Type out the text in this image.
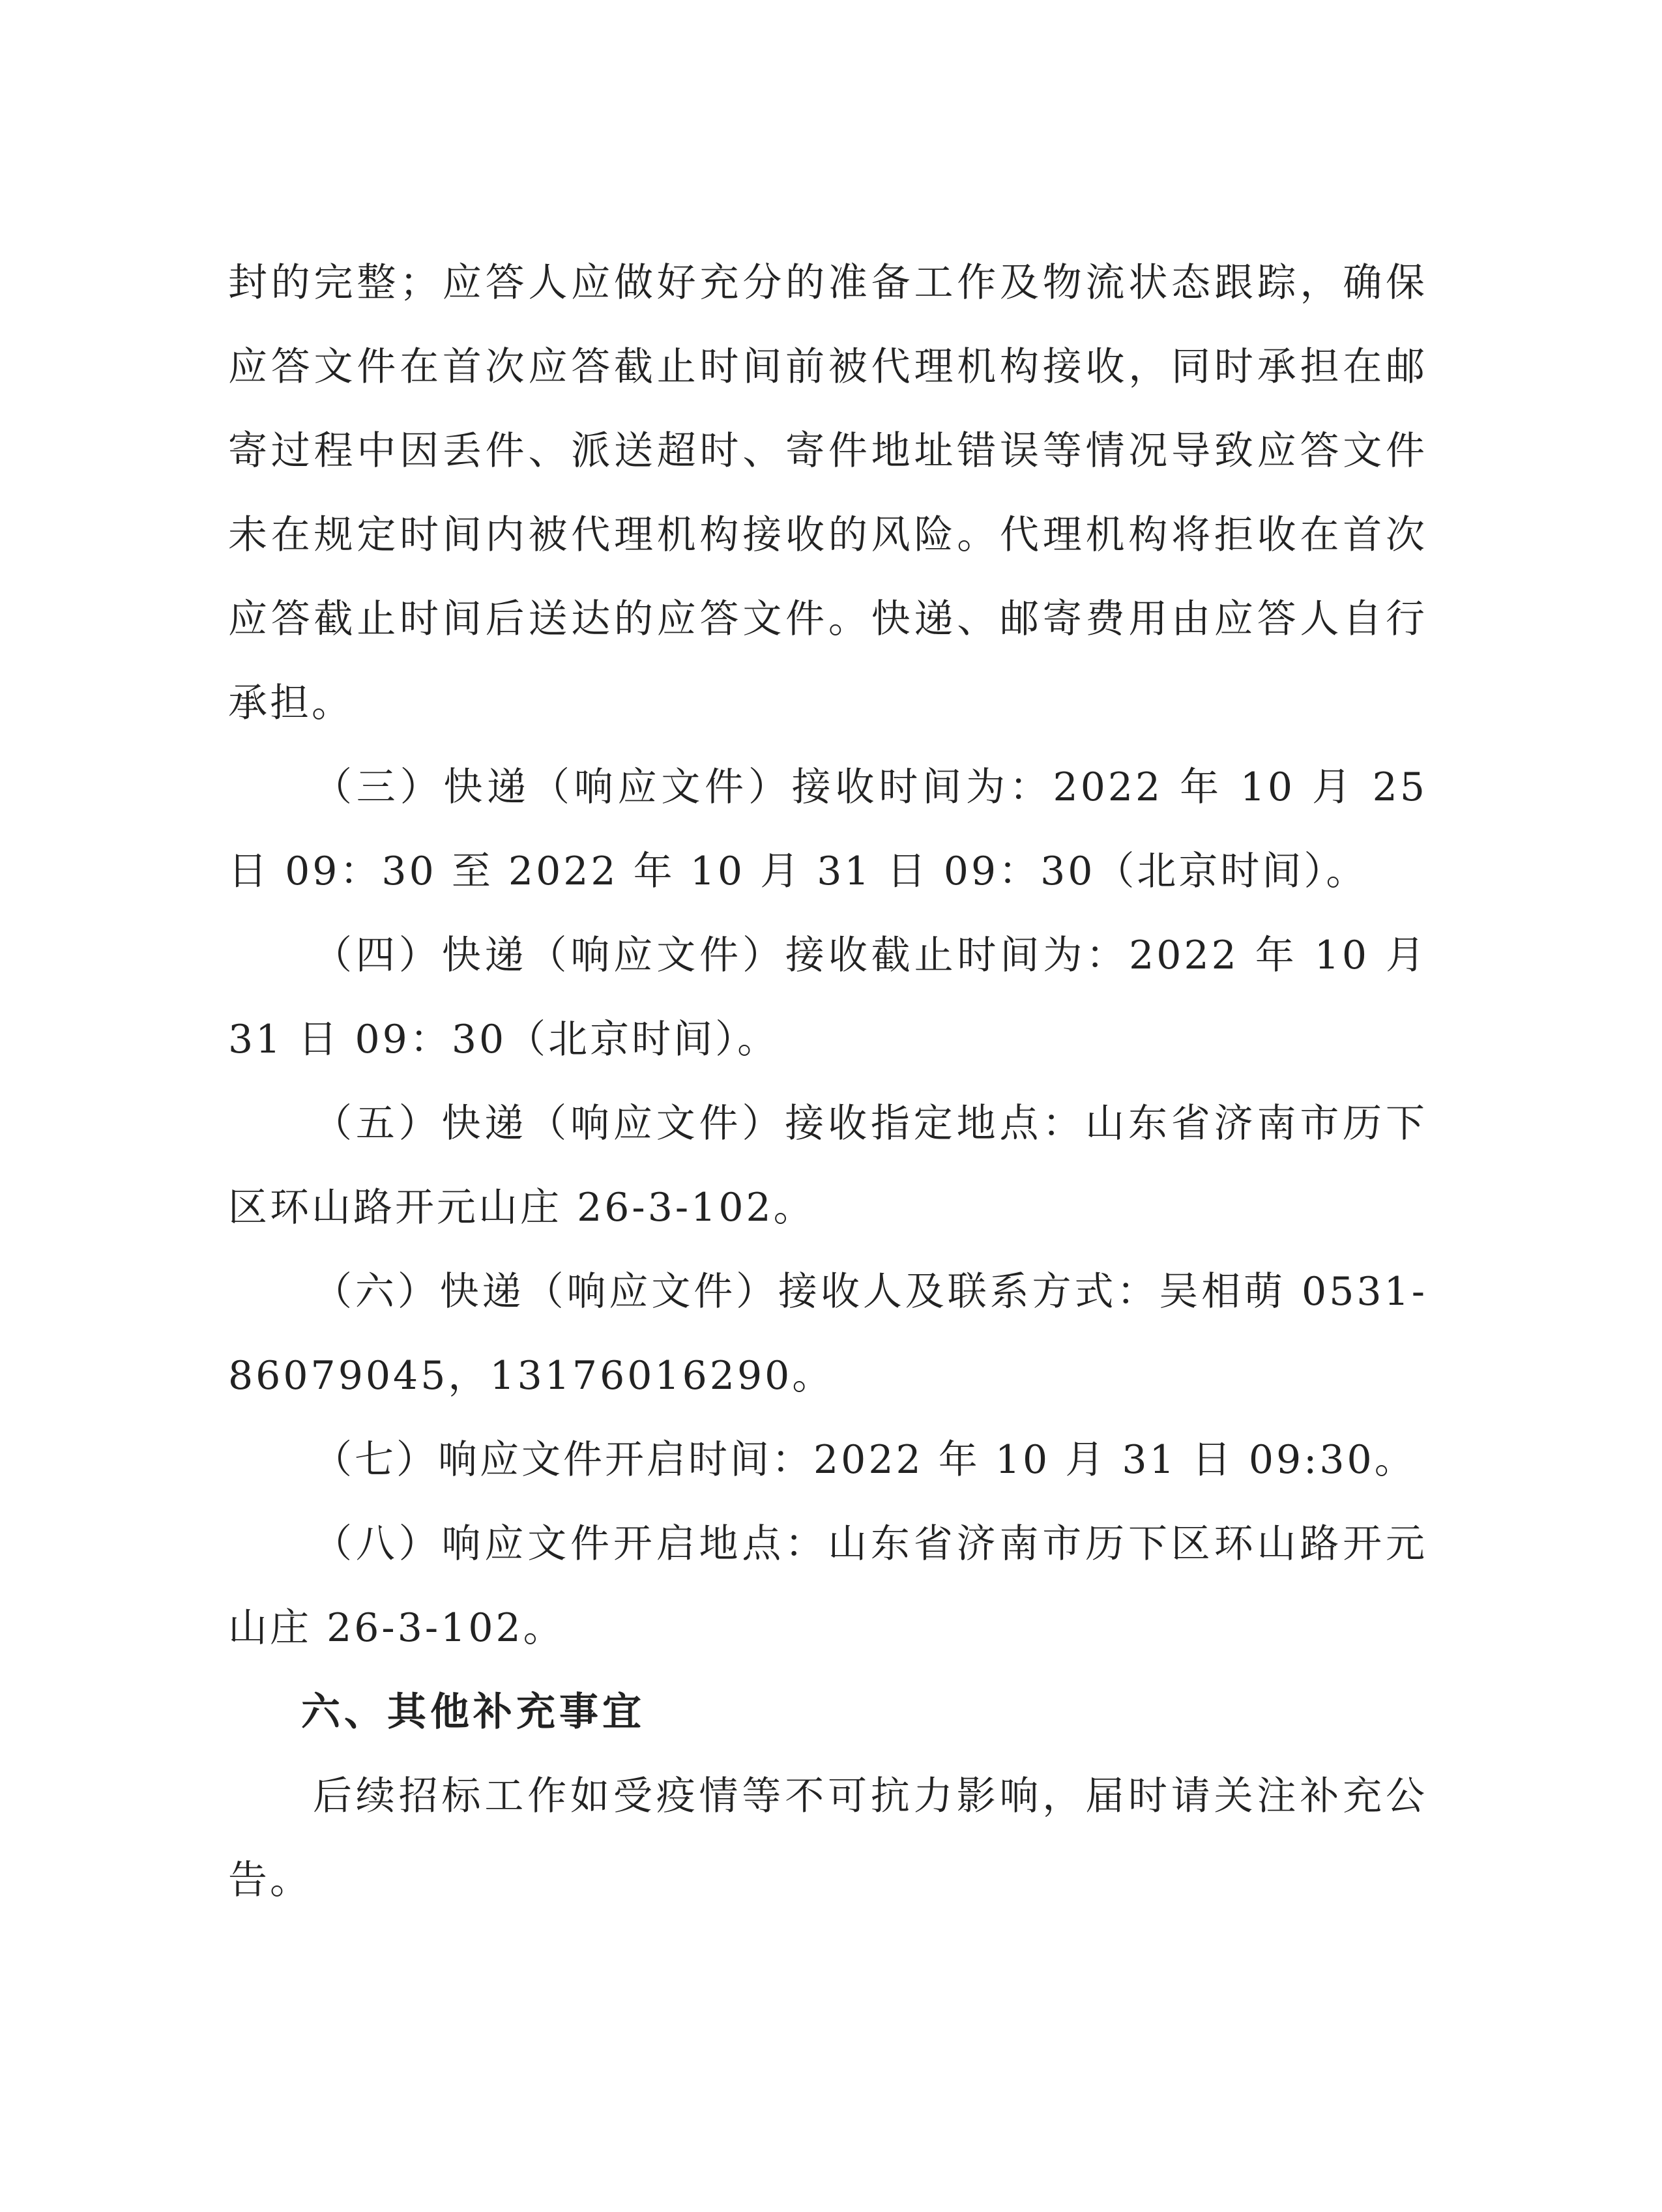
封的完整；应答人应做好充分的准备工作及物流状态跟踪，确保应答文件在首次应答截止时间前被代理机构接收，同时承担在邮寄过程中因丢件、派送超时、寄件地址错误等情况导致应答文件未在规定时间内被代理机构接收的风险。代理机构将拒收在首次应答截止时间后送达的应答文件。快递、邮寄费用由应答人自行承担。

（三）快递（响应文件）接收时间为：2022 年 10 月 25 日 09：30 至 2022 年 10 月 31 日 09：30（北京时间）。

（四）快递（响应文件）接收截止时间为：2022 年 10 月 31 日 09：30（北京时间）。

（五）快递（响应文件）接收指定地点：山东省济南市历下区环山路开元山庄 26-3-102。

（六）快递（响应文件）接收人及联系方式：吴相萌 0531-86079045，13176016290。

（七）响应文件开启时间：2022 年 10 月 31 日 09:30。

（八）响应文件开启地点：山东省济南市历下区环山路开元山庄 26-3-102。

六、其他补充事宜

后续招标工作如受疫情等不可抗力影响，届时请关注补充公告。
